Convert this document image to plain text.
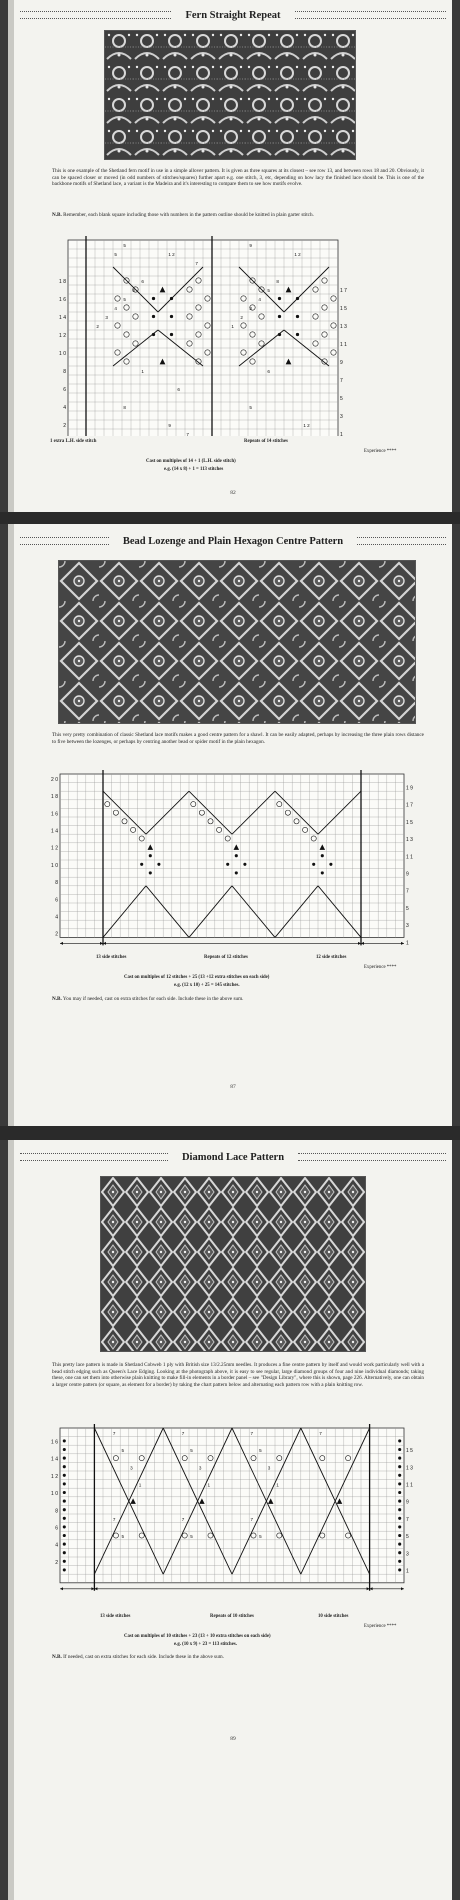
Fern Straight Repeat

This is one example of the Shetland fern motif in use in a simple allover pattern. It is given as three squares at its closest – see row 13, and between rows 18 and 20. Obviously, it can be spaced closer or moved (in odd numbers of stitches/squares) further apart e.g. one stitch, 3, etc, depending on how lacy the finished lace should be. This is one of the backbone motifs of Shetland lace, a variant is the Madeira and it's interesting to compare them to see how motifs evolve.

N.B. Remember, each blank square including those with numbers in the pattern outline should be knitted in plain garter stitch.

1 8
1 6
1 4
1 2
1 0
8
6
4
2
1 7
1 5
1 3
1 1
9
7
5
3
1
5	9
5	1 2	1 2
7
6	8
6	5
5	4
4	3
3	2
2	1
1	6
6
8	5
9	1 2
7
1 extra L.H. side stitch	Repeats of 14 stitches
Experience ****
Cast on multiples of 14 + 1 (L.H. side stitch)
e.g. (14 x 8) + 1 = 113 stitches
82
Bead Lozenge and Plain Hexagon Centre Pattern

This very pretty combination of classic Shetland lace motifs makes a good centre pattern for a shawl. It can be easily adapted, perhaps by increasing the three plain rows distance to five between the lozenges, or perhaps by centring another bead or spider motif in the plain hexagon.

2 0
1 8
1 6
1 4
1 2
1 0
8
6
4
2
1 9
1 7
1 5
1 3
1 1
9
7
5
3
1
13 side stitches	Repeats of 12 stitches	12 side stitches
Experience ****
Cast on multiples of 12 stitches + 25 (13 +12 extra stitches on each side)
e.g. (12 x 10) + 25 = 145 stitches.

N.B. You may if needed, cast on extra stitches for each side. Include these in the above sum.

87
Diamond Lace Pattern

This pretty lace pattern is made in Shetland Cobweb 1 ply with British size 13/2.25mm needles. It produces a fine centre pattern by itself and would work particularly well with a bead stitch edging such as Queen's Lace Edging. Looking at the photograph above, it is easy to see regular, large diamond groups of four and nine individual diamonds; taking these, one can set them into otherwise plain knitting to make fill-in elements in a border panel – see "Design Library", where this is shown, page 226. Alternatively, one can obtain a larger centre pattern (or square, as element for a border) by taking the chart pattern below and alternating each pattern row with a plain knitting row.

1 6
1 4
1 2
1 0
8
6
4
2
1 5
1 3
1 1
9
7
5
3
1
7	7	7	7
5	5	5
3	3	3
1	1	1
7	7	7
5	5	5
13 side stitches	Repeats of 10 stitches	10 side stitches
Experience ****
Cast on multiples of 10 stitches + 23 (13 + 10 extra stitches on each side)
e.g. (10 x 9) + 23 = 113 stitches.

N.B. If needed, cast on extra stitches for each side. Include these in the above sum.

89
